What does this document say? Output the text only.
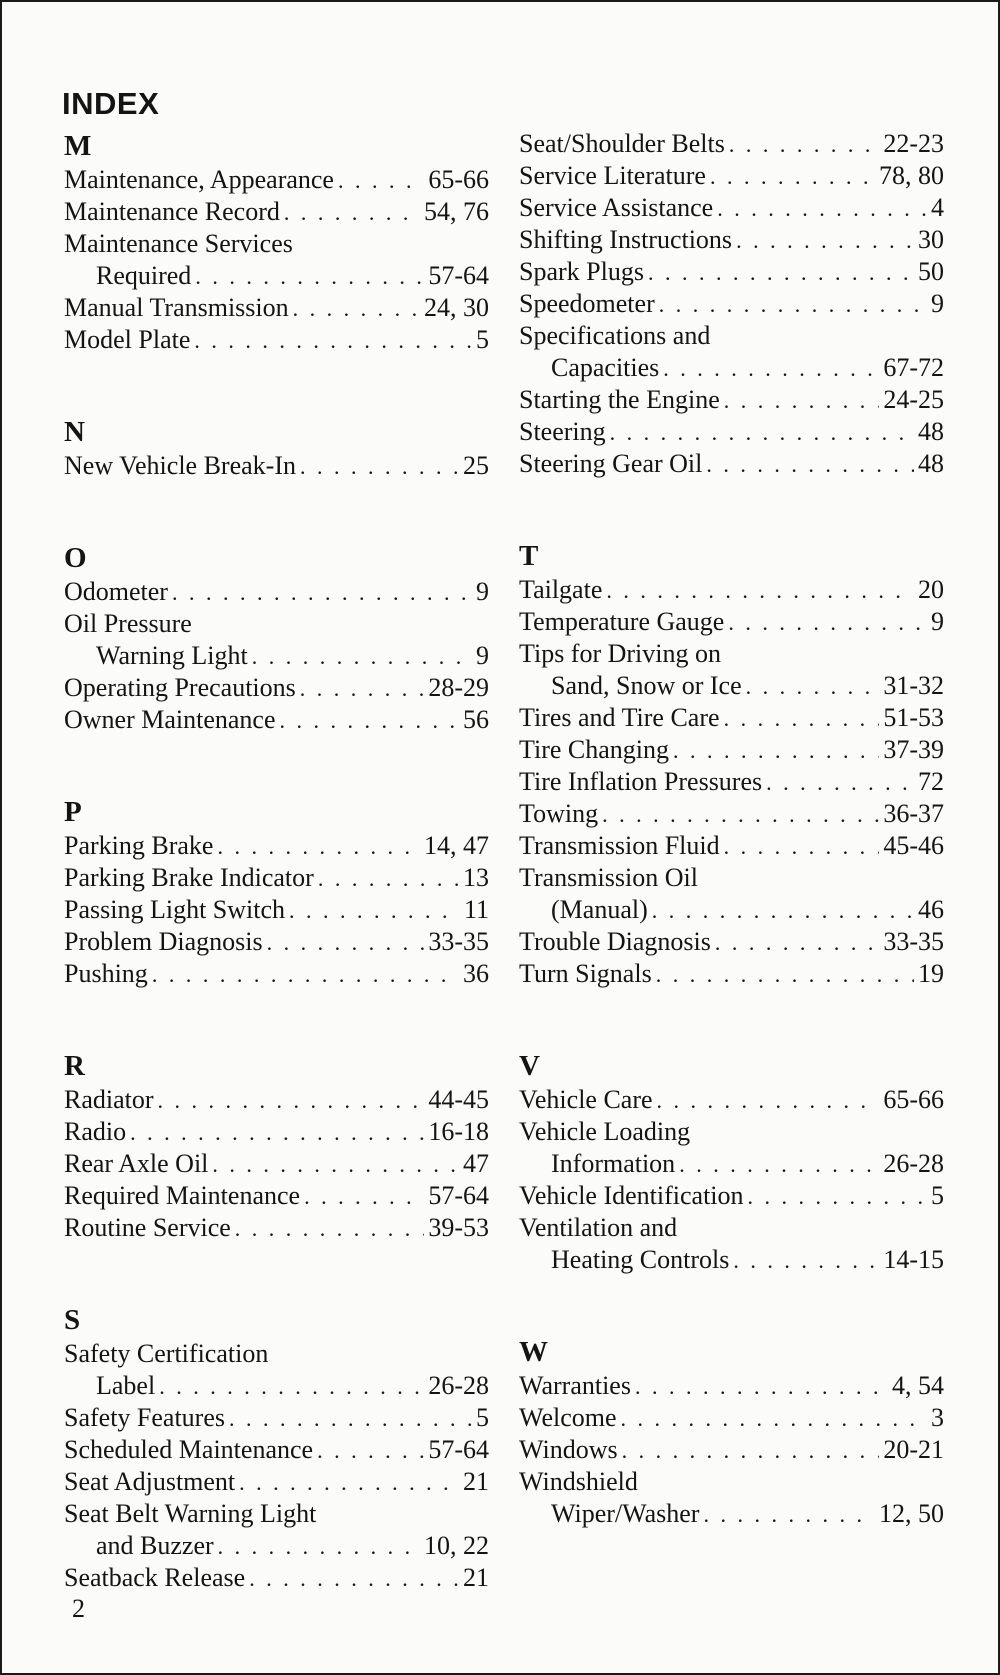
INDEX
M
Maintenance, Appearance . . .	65-66
Maintenance Record . . .	54, 76
Maintenance Services
Required . . .	57-64
Manual Transmission . . .	24, 30
Model Plate . . .	5
N
New Vehicle Break-In . . .	25
O
Odometer . . .	9
Oil Pressure
Warning Light . . .	9
Operating Precautions . . .	28-29
Owner Maintenance . . .	56
P
Parking Brake . . .	14, 47
Parking Brake Indicator . . .	13
Passing Light Switch . . .	11
Problem Diagnosis . . .	33-35
Pushing . . .	36
R
Radiator . . .	44-45
Radio . . .	16-18
Rear Axle Oil . . .	47
Required Maintenance . . .	57-64
Routine Service . . .	39-53
S
Safety Certification
Label . . .	26-28
Safety Features . . .	5
Scheduled Maintenance . . .	57-64
Seat Adjustment . . .	21
Seat Belt Warning Light
and Buzzer . . .	10, 22
Seatback Release . . .	21
Seat/Shoulder Belts . . .	22-23
Service Literature . . .	78, 80
Service Assistance . . .	4
Shifting Instructions . . .	30
Spark Plugs . . .	50
Speedometer . . .	9
Specifications and
Capacities . . .	67-72
Starting the Engine . . .	24-25
Steering . . .	48
Steering Gear Oil . . .	48
T
Tailgate . . .	20
Temperature Gauge . . .	9
Tips for Driving on
Sand, Snow or Ice . . .	31-32
Tires and Tire Care . . .	51-53
Tire Changing . . .	37-39
Tire Inflation Pressures . . .	72
Towing . . .	36-37
Transmission Fluid . . .	45-46
Transmission Oil
(Manual) . . .	46
Trouble Diagnosis . . .	33-35
Turn Signals . . .	19
V
Vehicle Care . . .	65-66
Vehicle Loading
Information . . .	26-28
Vehicle Identification . . .	5
Ventilation and
Heating Controls . . .	14-15
W
Warranties . . .	4, 54
Welcome . . .	3
Windows . . .	20-21
Windshield
Wiper/Washer . . .	12, 50
2
